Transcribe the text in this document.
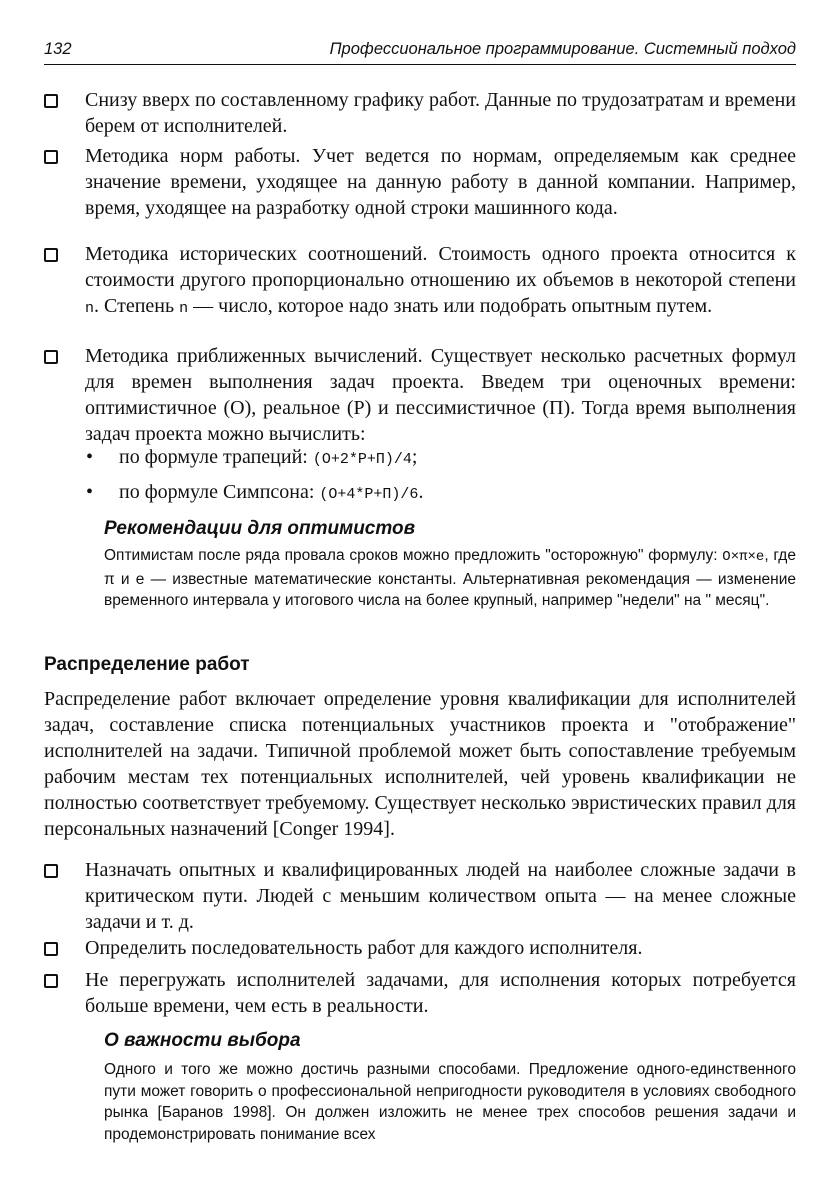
132	Профессиональное программирование. Системный подход
Снизу вверх по составленному графику работ. Данные по трудозатратам и времени берем от исполнителей.
Методика норм работы. Учет ведется по нормам, определяемым как среднее значение времени, уходящее на данную работу в данной компании. Например, время, уходящее на разработку одной строки машинного кода.
Методика исторических соотношений. Стоимость одного проекта относится к стоимости другого пропорционально отношению их объемов в некоторой степени n. Степень n — число, которое надо знать или подобрать опытным путем.
Методика приближенных вычислений. Существует несколько расчетных формул для времен выполнения задач проекта. Введем три оценочных времени: оптимистичное (О), реальное (Р) и пессимистичное (П). Тогда время выполнения задач проекта можно вычислить:
• по формуле трапеций: (O+2*P+П)/4;
• по формуле Симпсона: (O+4*P+П)/6.
Рекомендации для оптимистов
Оптимистам после ряда провала сроков можно предложить "осторожную" формулу: O×π×e, где π и e — известные математические константы. Альтернативная рекомендация — изменение временного интервала у итогового числа на более крупный, например "недели" на " месяц".
Распределение работ
Распределение работ включает определение уровня квалификации для исполнителей задач, составление списка потенциальных участников проекта и "отображение" исполнителей на задачи. Типичной проблемой может быть сопоставление требуемым рабочим местам тех потенциальных исполнителей, чей уровень квалификации не полностью соответствует требуемому. Существует несколько эвристических правил для персональных назначений [Conger 1994].
Назначать опытных и квалифицированных людей на наиболее сложные задачи в критическом пути. Людей с меньшим количеством опыта — на менее сложные задачи и т. д.
Определить последовательность работ для каждого исполнителя.
Не перегружать исполнителей задачами, для исполнения которых потребуется больше времени, чем есть в реальности.
О важности выбора
Одного и того же можно достичь разными способами. Предложение одного-единственного пути может говорить о профессиональной непригодности руководителя в условиях свободного рынка [Баранов 1998]. Он должен изложить не менее трех способов решения задачи и продемонстрировать понимание всех
